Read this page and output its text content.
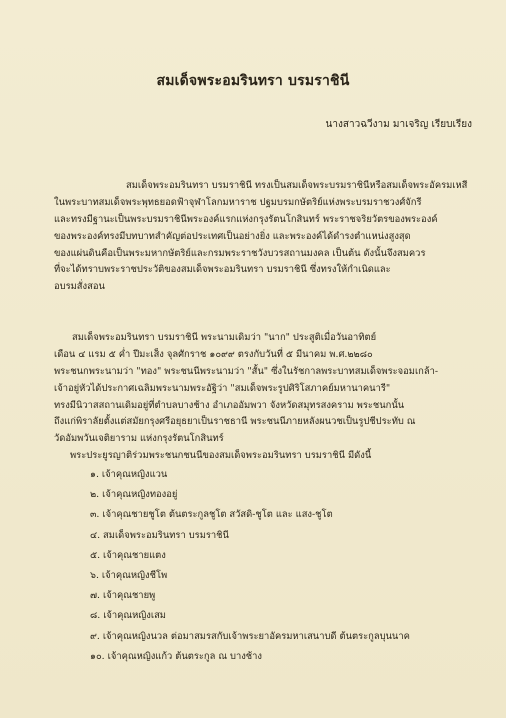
สมเด็จพระอมรินทรา บรมราชินี
นางสาวฉวีงาม มาเจริญ เรียบเรียง
สมเด็จพระอมรินทรา บรมราชินี ทรงเป็นสมเด็จพระบรมราชินีหรือสมเด็จพระอัครมเหสี
ในพระบาทสมเด็จพระพุทธยอดฟ้าจุฬาโลกมหาราช ปฐมบรมกษัตริย์แห่งพระบรมราชวงศ์จักรี
และทรงมีฐานะเป็นพระบรมราชินีพระองค์แรกแห่งกรุงรัตนโกสินทร์ พระราชจริยวัตรของพระองค์
ของพระองค์ทรงมีบทบาทสำคัญต่อประเทศเป็นอย่างยิ่ง และพระองค์ได้ดำรงตำแหน่งสูงสุด
ของแผ่นดินคือเป็นพระมหากษัตริย์และกรมพระราชวังบวรสถานมงคล เป็นต้น ดังนั้นจึงสมควร
ที่จะได้ทราบพระราชประวัติของสมเด็จพระอมรินทรา บรมราชินี ซึ่งทรงให้กำเนิดและ
อบรมสั่งสอน
สมเด็จพระอมรินทรา บรมราชินี พระนามเดิมว่า "นาก" ประสูติเมื่อวันอาทิตย์
เดือน ๔ แรม ๕ ค่ำ ปีมะเส็ง จุลศักราช ๑๐๙๙ ตรงกับวันที่ ๕ มีนาคม พ.ศ.๒๒๘๐
พระชนกพระนามว่า "ทอง" พระชนนีพระนามว่า "สั้น" ซึ่งในรัชกาลพระบาทสมเด็จพระจอมเกล้า-
เจ้าอยู่หัวได้ประกาศเฉลิมพระนามพระอัฐิว่า "สมเด็จพระรูปศิริโสภาคย์มหานาคนารี"
ทรงมีนิวาสสถานเดิมอยู่ที่ตำบลบางช้าง อำเภออัมพวา จังหวัดสมุทรสงคราม พระชนกนั้น
ถึงแก่พิราลัยตั้งแต่สมัยกรุงศรีอยุธยาเป็นราชธานี พระชนนีภายหลังผนวชเป็นรูปชีประทับ ณ
วัดอัมพวันเจติยาราม แห่งกรุงรัตนโกสินทร์
พระประยูรญาติร่วมพระชนกชนนีของสมเด็จพระอมรินทรา บรมราชินี มีดังนี้
๑. เจ้าคุณหญิงแวน
๒. เจ้าคุณหญิงทองอยู่
๓. เจ้าคุณชายชูโต ต้นตระกูลชูโต สวัสดิ-ชูโต และ แสง-ชูโต
๔. สมเด็จพระอมรินทรา บรมราชินี
๕. เจ้าคุณชายแตง
๖. เจ้าคุณหญิงชีโพ
๗. เจ้าคุณชายพู
๘. เจ้าคุณหญิงเสม
๙. เจ้าคุณหญิงนวล ต่อมาสมรสกับเจ้าพระยาอัครมหาเสนาบดี ต้นตระกูลบุนนาค
๑๐. เจ้าคุณหญิงแก้ว ต้นตระกูล ณ บางช้าง
